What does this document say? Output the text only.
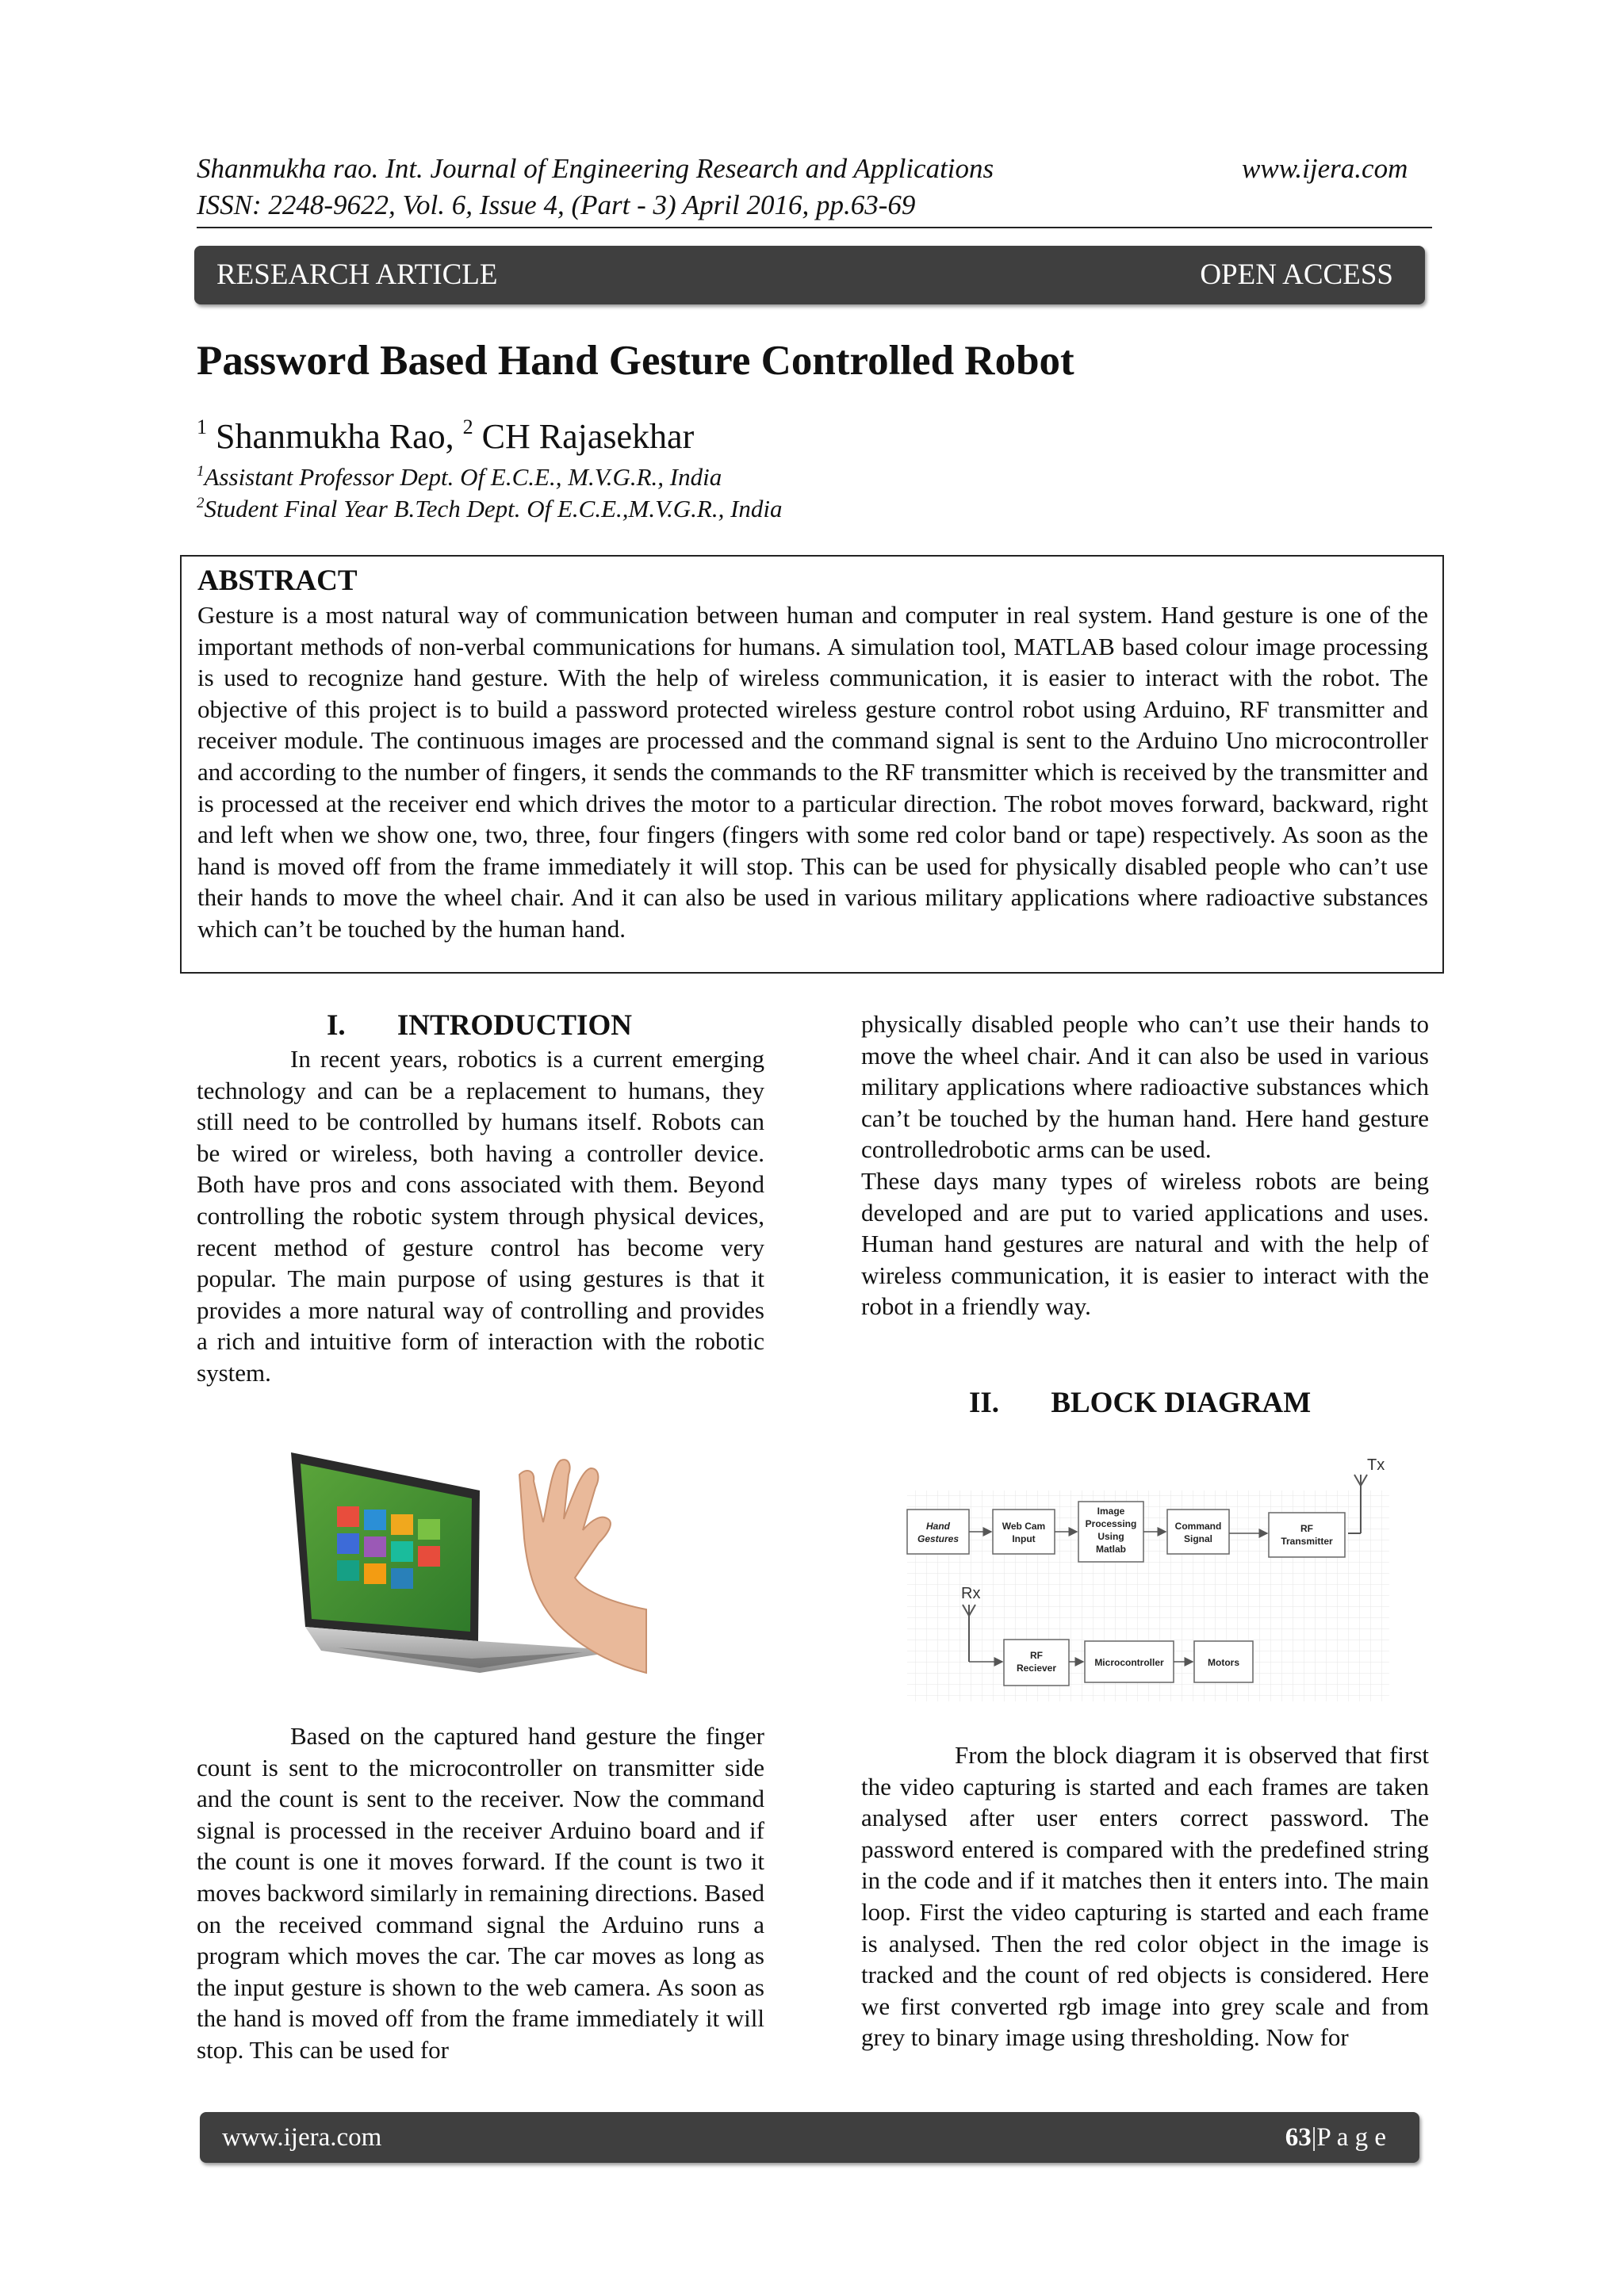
Shanmukha rao. Int. Journal of Engineering Research and Applications	www.ijera.com
ISSN: 2248-9622, Vol. 6, Issue 4, (Part - 3) April 2016, pp.63-69
RESEARCH ARTICLE	OPEN ACCESS
Password Based Hand Gesture Controlled Robot
$^1$ Shanmukha Rao, $^2$ CH Rajasekhar
$^1$Assistant Professor Dept. Of E.C.E., M.V.G.R., India
$^2$Student Final Year B.Tech Dept. Of E.C.E.,M.V.G.R., India
ABSTRACT

Gesture is a most natural way of communication between human and computer in real system. Hand gesture is one of the important methods of non-verbal communications for humans. A simulation tool, MATLAB based colour image processing is used to recognize hand gesture. With the help of wireless communication, it is easier to interact with the robot. The objective of this project is to build a password protected wireless gesture control robot using Arduino, RF transmitter and receiver module. The continuous images are processed and the command signal is sent to the Arduino Uno microcontroller and according to the number of fingers, it sends the commands to the RF transmitter which is received by the transmitter and is processed at the receiver end which drives the motor to a particular direction. The robot moves forward, backward, right and left when we show one, two, three, four fingers (fingers with some red color band or tape) respectively. As soon as the hand is moved off from the frame immediately it will stop. This can be used for physically disabled people who can’t use their hands to move the wheel chair. And it can also be used in various military applications where radioactive substances which can’t be touched by the human hand.

I. INTRODUCTION

In recent years, robotics is a current emerging technology and can be a replacement to humans, they still need to be controlled by humans itself. Robots can be wired or wireless, both having a controller device. Both have pros and cons associated with them. Beyond controlling the robotic system through physical devices, recent method of gesture control has become very popular. The main purpose of using gestures is that it provides a more natural way of controlling and provides a rich and intuitive form of interaction with the robotic system.

Based on the captured hand gesture the finger count is sent to the microcontroller on transmitter side and the count is sent to the receiver. Now the command signal is processed in the receiver Arduino board and if the count is one it moves forward. If the count is two it moves backword similarly in remaining directions. Based on the received command signal the Arduino runs a program which moves the car. The car moves as long as the input gesture is shown to the web camera. As soon as the hand is moved off from the frame immediately it will stop. This can be used for

physically disabled people who can’t use their hands to move the wheel chair. And it can also be used in various military applications where radioactive substances which can’t be touched by the human hand. Here hand gesture controlledrobotic arms can be used.

These days many types of wireless robots are being developed and are put to varied applications and uses. Human hand gestures are natural and with the help of wireless communication, it is easier to interact with the robot in a friendly way.

II. BLOCK DIAGRAM
Tx
Hand
Gestures
Web Cam
Input
Image
Processing
Using
Matlab
Command
Signal
RF
Transmitter
Rx
RF
Reciever	Microcontroller	Motors

From the block diagram it is observed that first the video capturing is started and each frames are taken analysed after user enters correct password. The password entered is compared with the predefined string in the code and if it matches then it enters into. The main loop. First the video capturing is started and each frame is analysed. Then the red color object in the image is tracked and the count of red objects is considered. Here we first converted rgb image into grey scale and from grey to binary image using thresholding. Now for

www.ijera.com	63|P a g e
